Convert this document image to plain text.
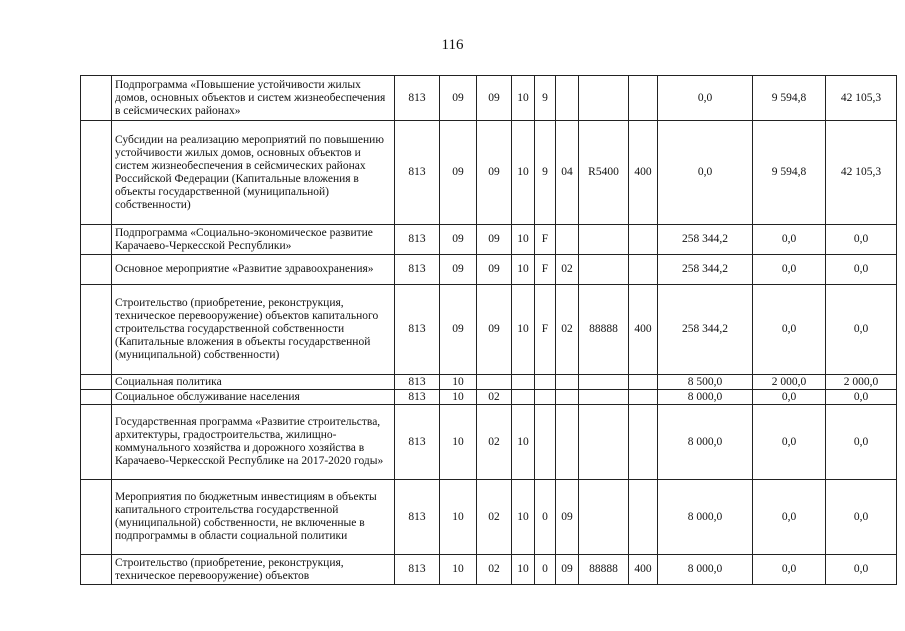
116
	Подпрограмма «Повышение устойчивости жилых домов, основных объектов и систем жизнеобеспечения в сейсмических районах»	813	09	09	10	9				0,0	9 594,8	42 105,3
	Субсидии на реализацию мероприятий по повышению устойчивости жилых домов, основных объектов и систем жизнеобеспечения в сейсмических районах Российской Федерации (Капитальные вложения в объекты государственной (муниципальной) собственности)	813	09	09	10	9	04	R5400	400	0,0	9 594,8	42 105,3
	Подпрограмма «Социально-экономическое развитие Карачаево-Черкесской Республики»	813	09	09	10	F				258 344,2	0,0	0,0
	Основное мероприятие «Развитие здравоохранения»	813	09	09	10	F	02			258 344,2	0,0	0,0
	Строительство (приобретение, реконструкция, техническое перевооружение) объектов капитального строительства государственной собственности (Капитальные вложения в объекты государственной (муниципальной) собственности)	813	09	09	10	F	02	88888	400	258 344,2	0,0	0,0
	Социальная политика	813	10							8 500,0	2 000,0	2 000,0
	Социальное обслуживание населения	813	10	02						8 000,0	0,0	0,0
	Государственная программа «Развитие строительства, архитектуры, градостроительства, жилищно-коммунального хозяйства и дорожного хозяйства в Карачаево-Черкесской Республике на 2017-2020 годы»	813	10	02	10					8 000,0	0,0	0,0
	Мероприятия по бюджетным инвестициям в объекты капитального строительства государственной (муниципальной) собственности, не включенные в подпрограммы в области социальной политики	813	10	02	10	0	09			8 000,0	0,0	0,0
	Строительство (приобретение, реконструкция, техническое перевооружение) объектов	813	10	02	10	0	09	88888	400	8 000,0	0,0	0,0
